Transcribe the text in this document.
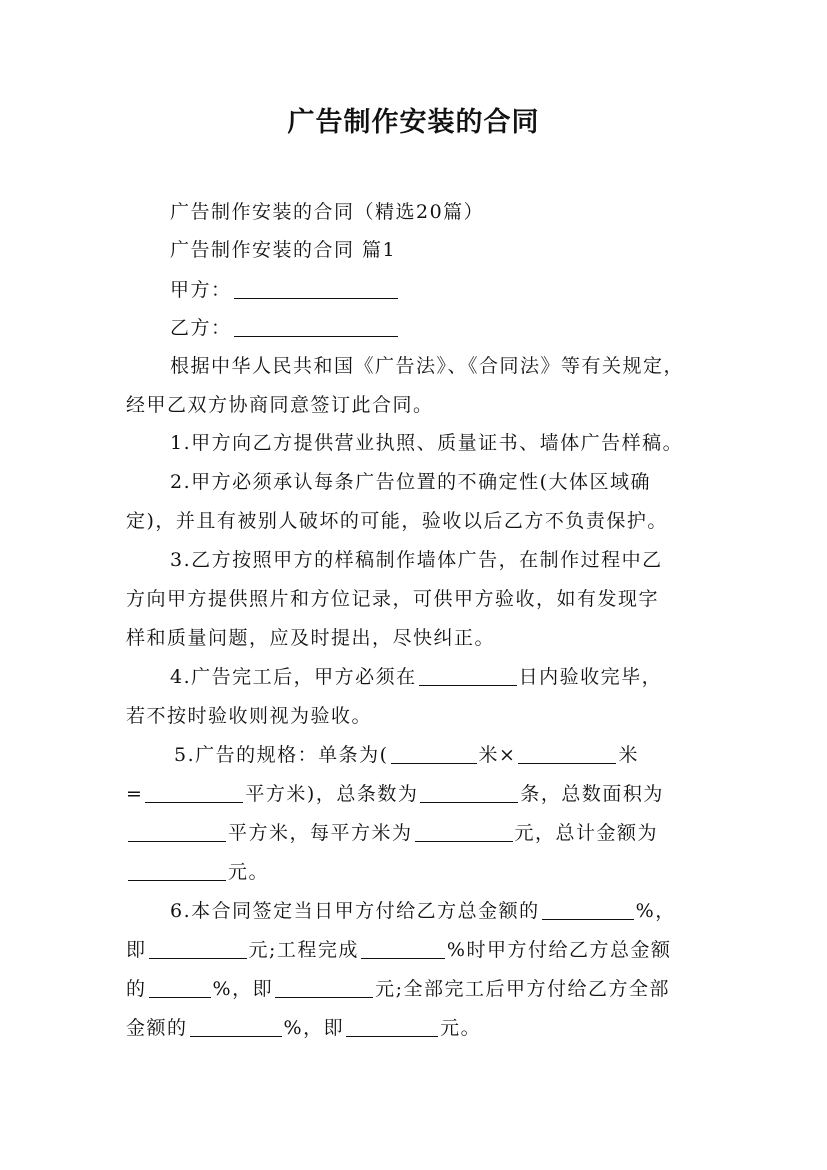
广告制作安装的合同
广告制作安装的合同（精选20篇）
广告制作安装的合同 篇1
甲方：
乙方：
根据中华人民共和国《广告法》、《合同法》等有关规定，
经甲乙双方协商同意签订此合同。
1.甲方向乙方提供营业执照、质量证书、墙体广告样稿。
2.甲方必须承认每条广告位置的不确定性(大体区域确
定)，并且有被别人破坏的可能，验收以后乙方不负责保护。
3.乙方按照甲方的样稿制作墙体广告，在制作过程中乙
方向甲方提供照片和方位记录，可供甲方验收，如有发现字
样和质量问题，应及时提出，尽快纠正。
4.广告完工后，甲方必须在	日内验收完毕，
若不按时验收则视为验收。
5.广告的规格：单条为(	米×	米
=	平方米)，总条数为	条，总数面积为
平方米，每平方米为	元，总计金额为
元。
6.本合同签定当日甲方付给乙方总金额的	%，
即	元;工程完成	%时甲方付给乙方总金额
的	%，即	元;全部完工后甲方付给乙方全部
金额的	%，即	元。
